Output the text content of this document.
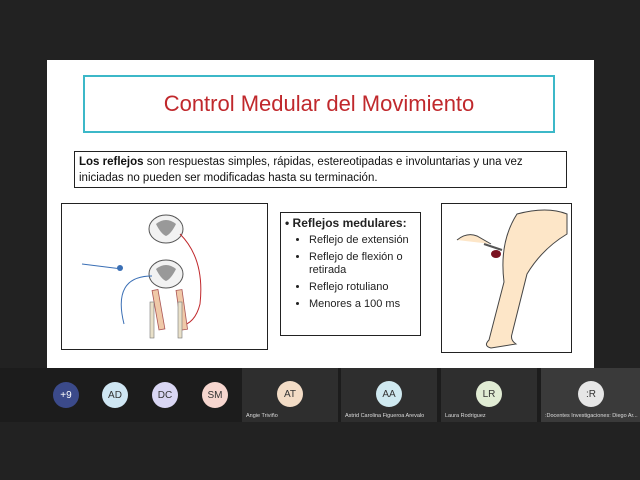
Control Medular del Movimiento
Los reflejos son respuestas simples, rápidas, estereotipadas e involuntarias y una vez iniciadas no pueden ser modificadas hasta su terminación.
• Reflejos medulares:
• Reflejo de extensión
• Reflejo de flexión o retirada
• Reflejo rotuliano
• Menores a 100 ms
+9	AD	DC	SM	AT
Angie Triviño
AA
Astrid Carolina Figueroa Arevalo
LR
Laura Rodriguez
:R
:Docentes Investigaciones: Diego Ar...
